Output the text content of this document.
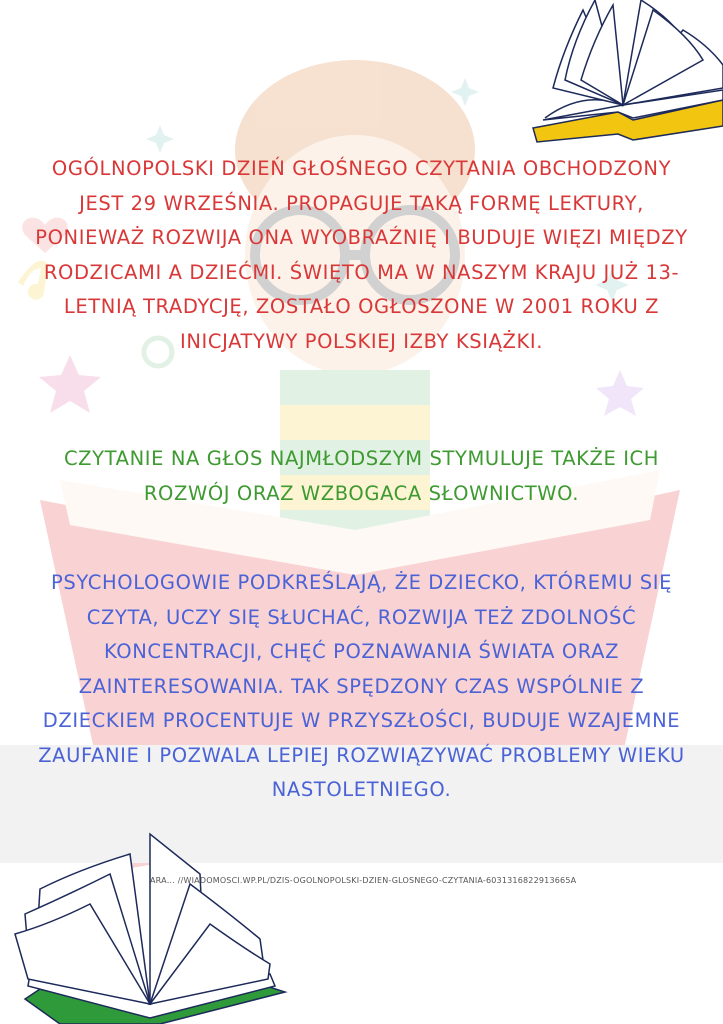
OGÓLNOPOLSKI DZIEŃ GŁOŚNEGO CZYTANIA OBCHODZONY JEST 29 WRZEŚNIA. PROPAGUJE TAKĄ FORMĘ LEKTURY, PONIEWAŻ ROZWIJA ONA WYOBRAŹNIĘ I BUDUJE WIĘZI MIĘDZY RODZICAMI A DZIEĆMI. ŚWIĘTO MA W NASZYM KRAJU JUŻ 13-LETNIĄ TRADYCJĘ, ZOSTAŁO OGŁOSZONE W 2001 ROKU Z INICJATYWY POLSKIEJ IZBY KSIĄŻKI.
CZYTANIE NA GŁOS NAJMŁODSZYM STYMULUJE TAKŻE ICH ROZWÓJ ORAZ WZBOGACA SŁOWNICTWO.
PSYCHOLOGOWIE PODKREŚLAJĄ, ŻE DZIECKO, KTÓREMU SIĘ CZYTA, UCZY SIĘ SŁUCHAĆ, ROZWIJA TEŻ ZDOLNOŚĆ KONCENTRACJI, CHĘĆ POZNAWANIA ŚWIATA ORAZ ZAINTERESOWANIA. TAK SPĘDZONY CZAS WSPÓLNIE Z DZIECKIEM PROCENTUJE W PRZYSZŁOŚCI, BUDUJE WZAJEMNE ZAUFANIE I POZWALA LEPIEJ ROZWIĄZYWAĆ PROBLEMY WIEKU NASTOLETNIEGO.
ARA… //WIADOMOSCI.WP.PL/DZIS-OGOLNOPOLSKI-DZIEN-GLOSNEGO-CZYTANIA-6031316822913665A
